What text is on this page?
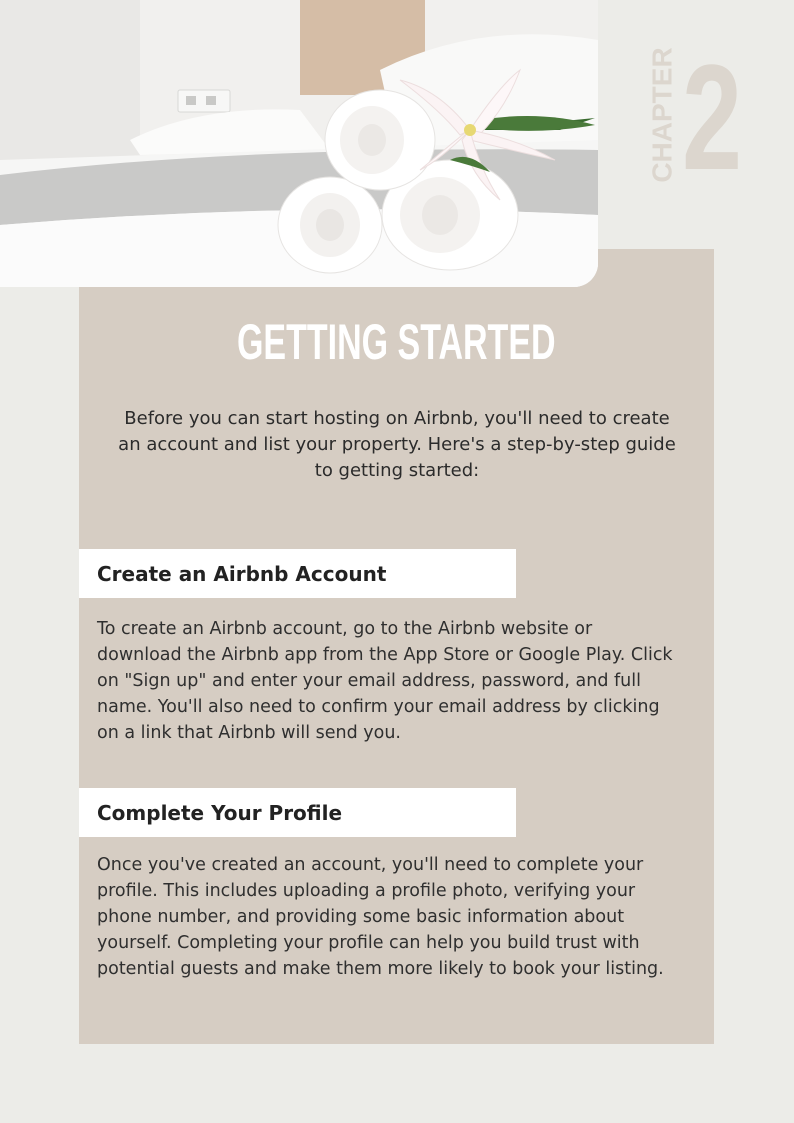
CHAPTER 2
GETTING STARTED
Before you can start hosting on Airbnb, you'll need to create an account and list your property. Here's a step-by-step guide to getting started:
Create an Airbnb Account
To create an Airbnb account, go to the Airbnb website or download the Airbnb app from the App Store or Google Play. Click on "Sign up" and enter your email address, password, and full name. You'll also need to confirm your email address by clicking on a link that Airbnb will send you.
Complete Your Profile
Once you've created an account, you'll need to complete your profile. This includes uploading a profile photo, verifying your phone number, and providing some basic information about yourself. Completing your profile can help you build trust with potential guests and make them more likely to book your listing.
